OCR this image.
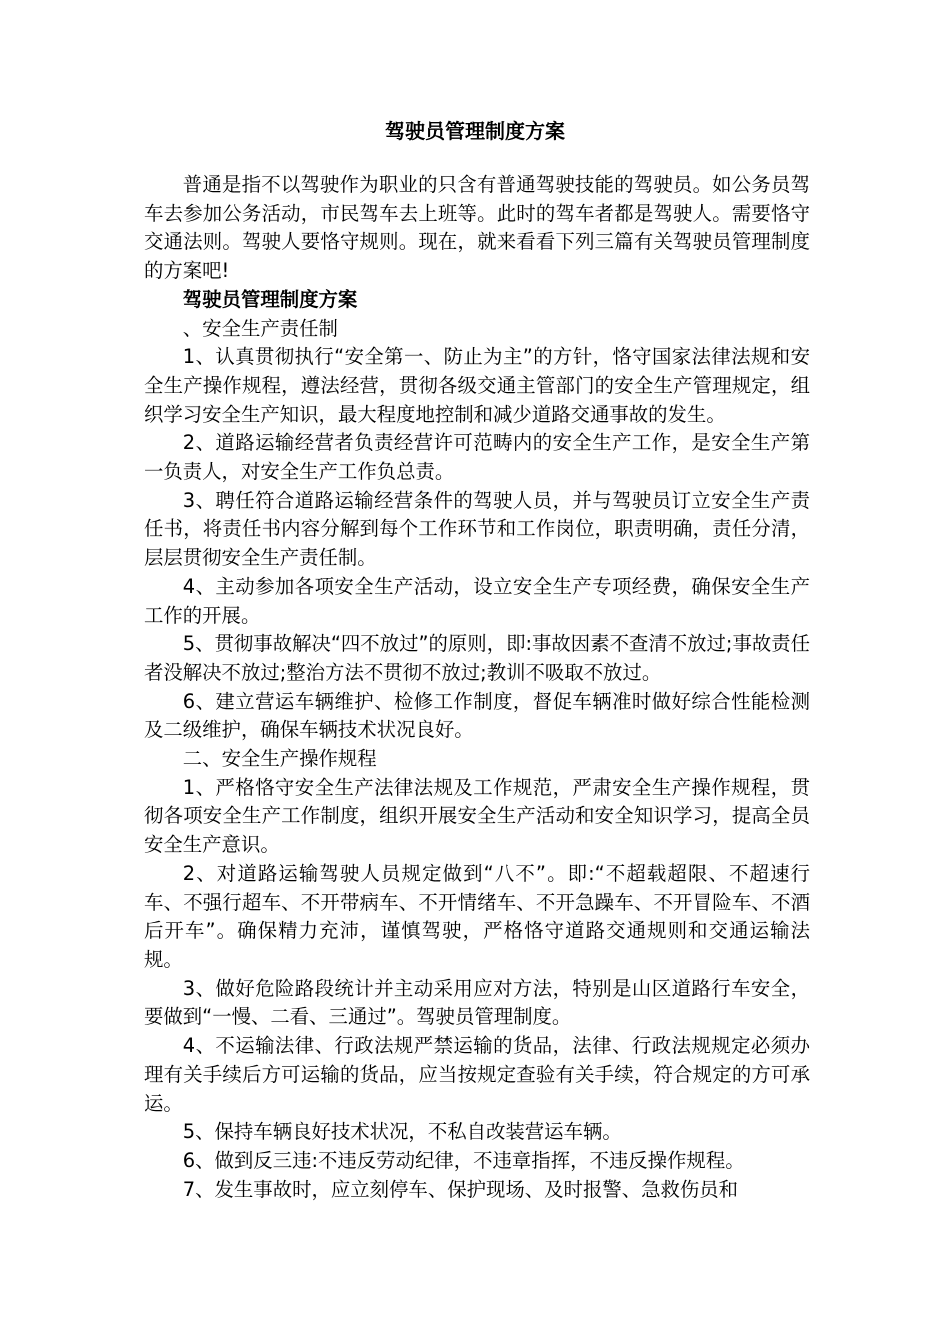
驾驶员管理制度方案

普通是指不以驾驶作为职业的只含有普通驾驶技能的驾驶员。如公务员驾车去参加公务活动，市民驾车去上班等。此时的驾车者都是驾驶人。需要恪守交通法则。驾驶人要恪守规则。现在，就来看看下列三篇有关驾驶员管理制度的方案吧!

驾驶员管理制度方案

、安全生产责任制

1、认真贯彻执行“安全第一、防止为主”的方针，恪守国家法律法规和安全生产操作规程，遵法经营，贯彻各级交通主管部门的安全生产管理规定，组织学习安全生产知识，最大程度地控制和减少道路交通事故的发生。

2、道路运输经营者负责经营许可范畴内的安全生产工作，是安全生产第一负责人，对安全生产工作负总责。

3、聘任符合道路运输经营条件的驾驶人员，并与驾驶员订立安全生产责任书，将责任书内容分解到每个工作环节和工作岗位，职责明确，责任分清，层层贯彻安全生产责任制。

4、主动参加各项安全生产活动，设立安全生产专项经费，确保安全生产工作的开展。

5、贯彻事故解决“四不放过”的原则，即:事故因素不查清不放过;事故责任者没解决不放过;整治方法不贯彻不放过;教训不吸取不放过。

6、建立营运车辆维护、检修工作制度，督促车辆准时做好综合性能检测及二级维护，确保车辆技术状况良好。

二、安全生产操作规程

1、严格恪守安全生产法律法规及工作规范，严肃安全生产操作规程，贯彻各项安全生产工作制度，组织开展安全生产活动和安全知识学习，提高全员安全生产意识。

2、对道路运输驾驶人员规定做到“八不”。即:“不超载超限、不超速行车、不强行超车、不开带病车、不开情绪车、不开急躁车、不开冒险车、不酒后开车”。确保精力充沛，谨慎驾驶，严格恪守道路交通规则和交通运输法规。

3、做好危险路段统计并主动采用应对方法，特别是山区道路行车安全，要做到“一慢、二看、三通过”。驾驶员管理制度。

4、不运输法律、行政法规严禁运输的货品，法律、行政法规规定必须办理有关手续后方可运输的货品，应当按规定查验有关手续，符合规定的方可承运。

5、保持车辆良好技术状况，不私自改装营运车辆。

6、做到反三违:不违反劳动纪律，不违章指挥，不违反操作规程。

7、发生事故时，应立刻停车、保护现场、及时报警、急救伤员和
